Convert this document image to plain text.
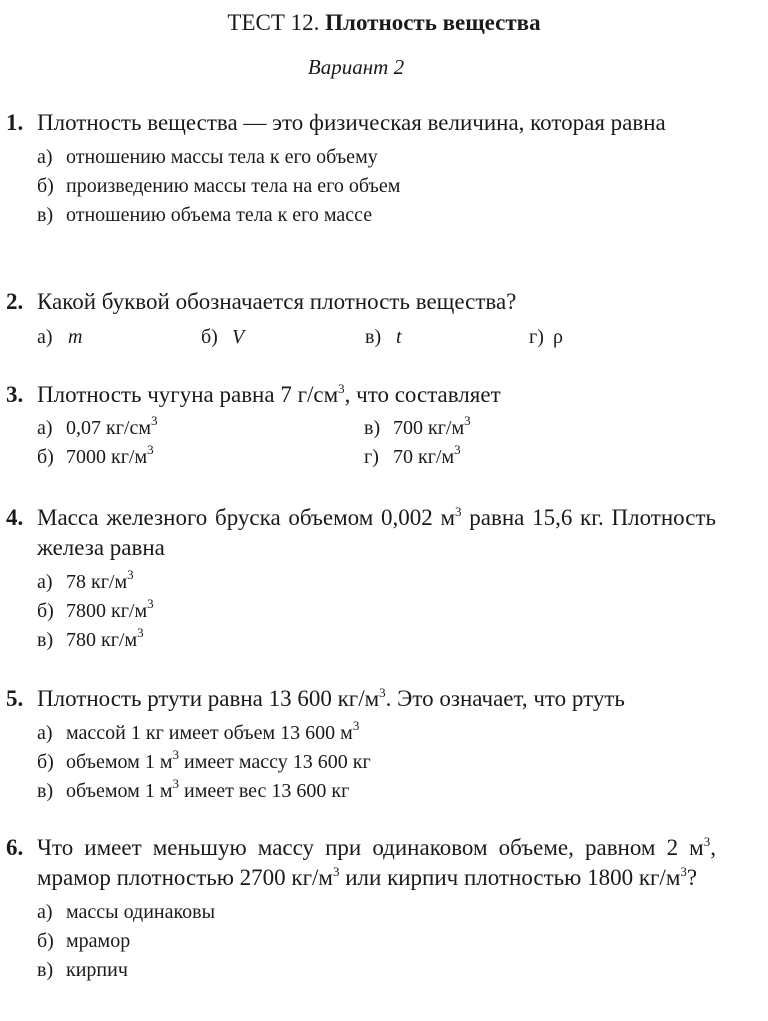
ТЕСТ 12. Плотность вещества
Вариант 2
1. Плотность вещества — это физическая величина, которая равна
а) отношению массы тела к его объему
б) произведению массы тела на его объем
в) отношению объема тела к его массе
2. Какой буквой обозначается плотность вещества?
а) m	б) V	в) t	г) ρ
3. Плотность чугуна равна 7 $г/см^3$, что составляет
а) 0,07 $кг/см^3$	в) 700 $кг/м^3$
б) 7000 $кг/м^3$	г) 70 $кг/м^3$
4. Масса железного бруска объемом 0,002 $м^3$ равна 15,6 кг. Плотность железа равна
а) 78 $кг/м^3$
б) 7800 $кг/м^3$
в) 780 $кг/м^3$
5. Плотность ртути равна 13 600 $кг/м^3$. Это означает, что ртуть
а) массой 1 кг имеет объем 13 600 $м^3$
б) объемом 1 $м^3$ имеет массу 13 600 кг
в) объемом 1 $м^3$ имеет вес 13 600 кг
6. Что имеет меньшую массу при одинаковом объеме, равном 2 $м^3$, мрамор плотностью 2700 $кг/м^3$ или кирпич плотностью 1800 $кг/м^3$?
а) массы одинаковы
б) мрамор
в) кирпич
